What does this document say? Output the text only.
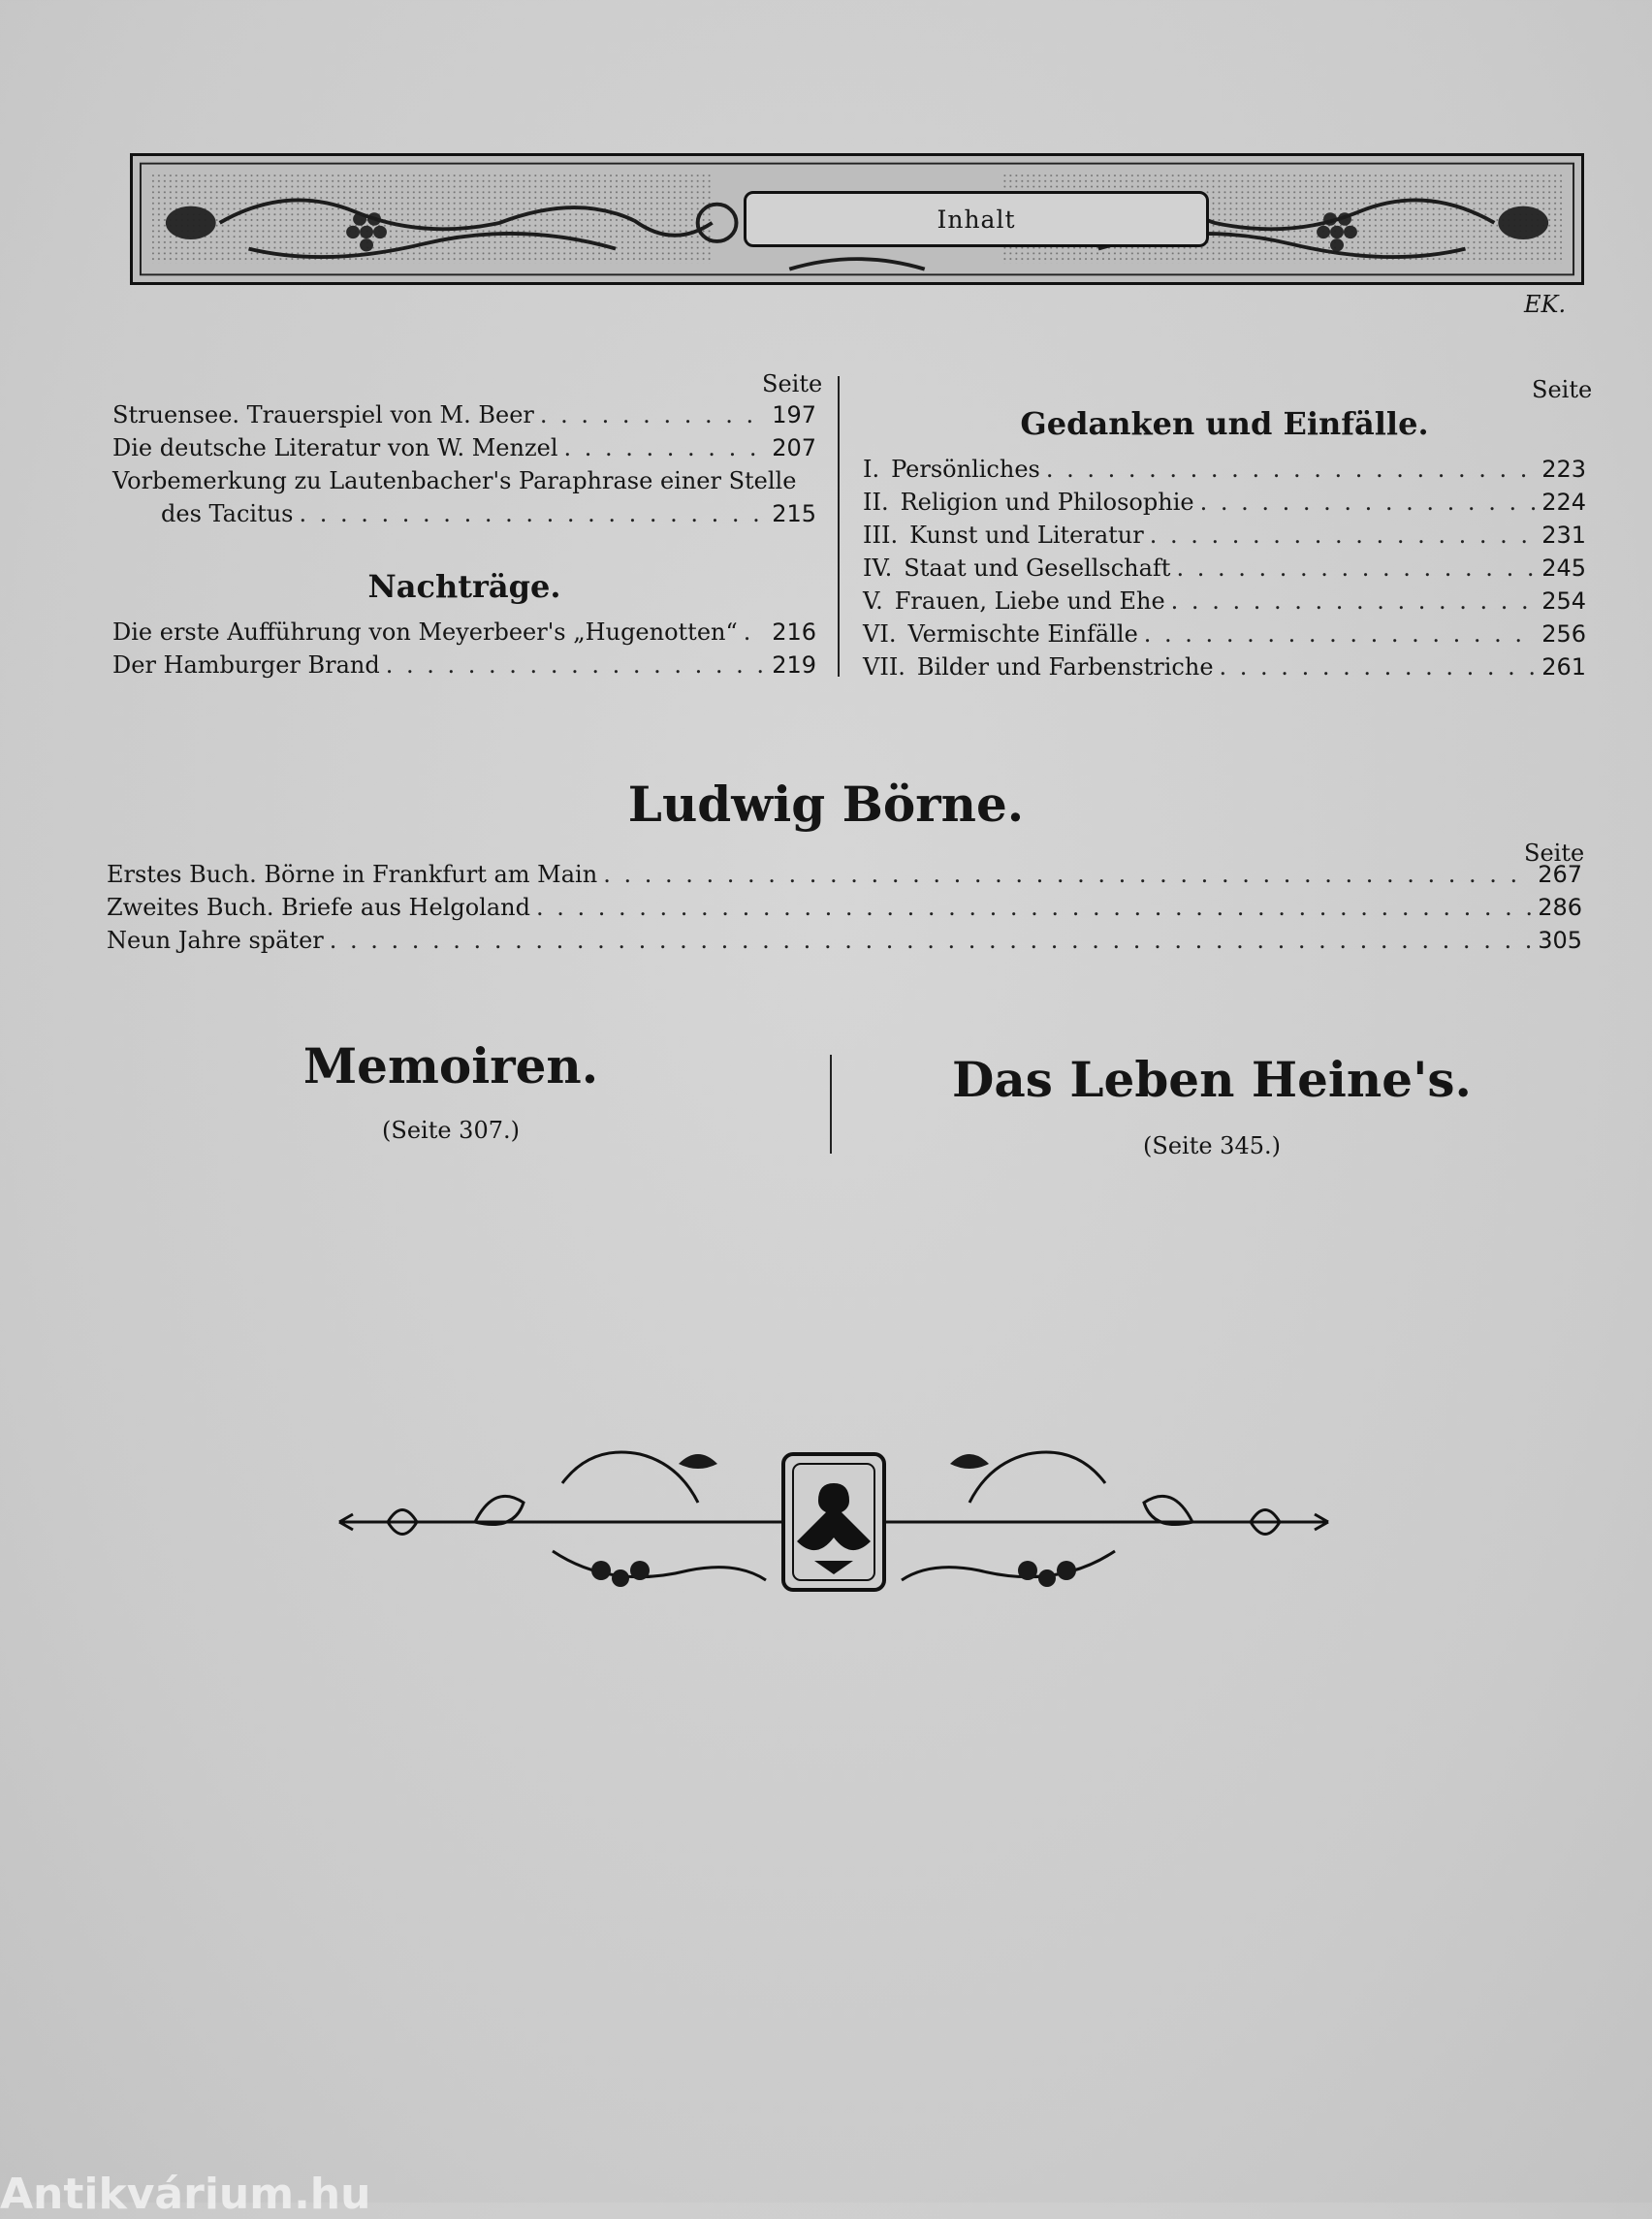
Inhalt
EK.
Seite
Struensee. Trauerspiel von M. Beer . . .	197
Die deutsche Literatur von W. Menzel . . .	207
Vorbemerkung zu Lautenbacher's Paraphrase einer Stelle
des Tacitus . . .	215
Nachträge.
Die erste Aufführung von Meyerbeer's „Hugenotten“ . . . 216
Der Hamburger Brand . . .	219
Seite
Gedanken und Einfälle.
I. Persönliches . . .	223
II. Religion und Philosophie . . .	224
III. Kunst und Literatur . . .	231
IV. Staat und Gesellschaft . . .	245
V. Frauen, Liebe und Ehe . . .	254
VI. Vermischte Einfälle . . .	256
VII. Bilder und Farbenstriche . . .	261
Ludwig Börne.
Seite
Erstes Buch. Börne in Frankfurt am Main . . .	267
Zweites Buch. Briefe aus Helgoland . . .	286
Neun Jahre später . . .	305
Memoiren.
(Seite 307.)
Das Leben Heine's.
(Seite 345.)
Antikvárium.hu
